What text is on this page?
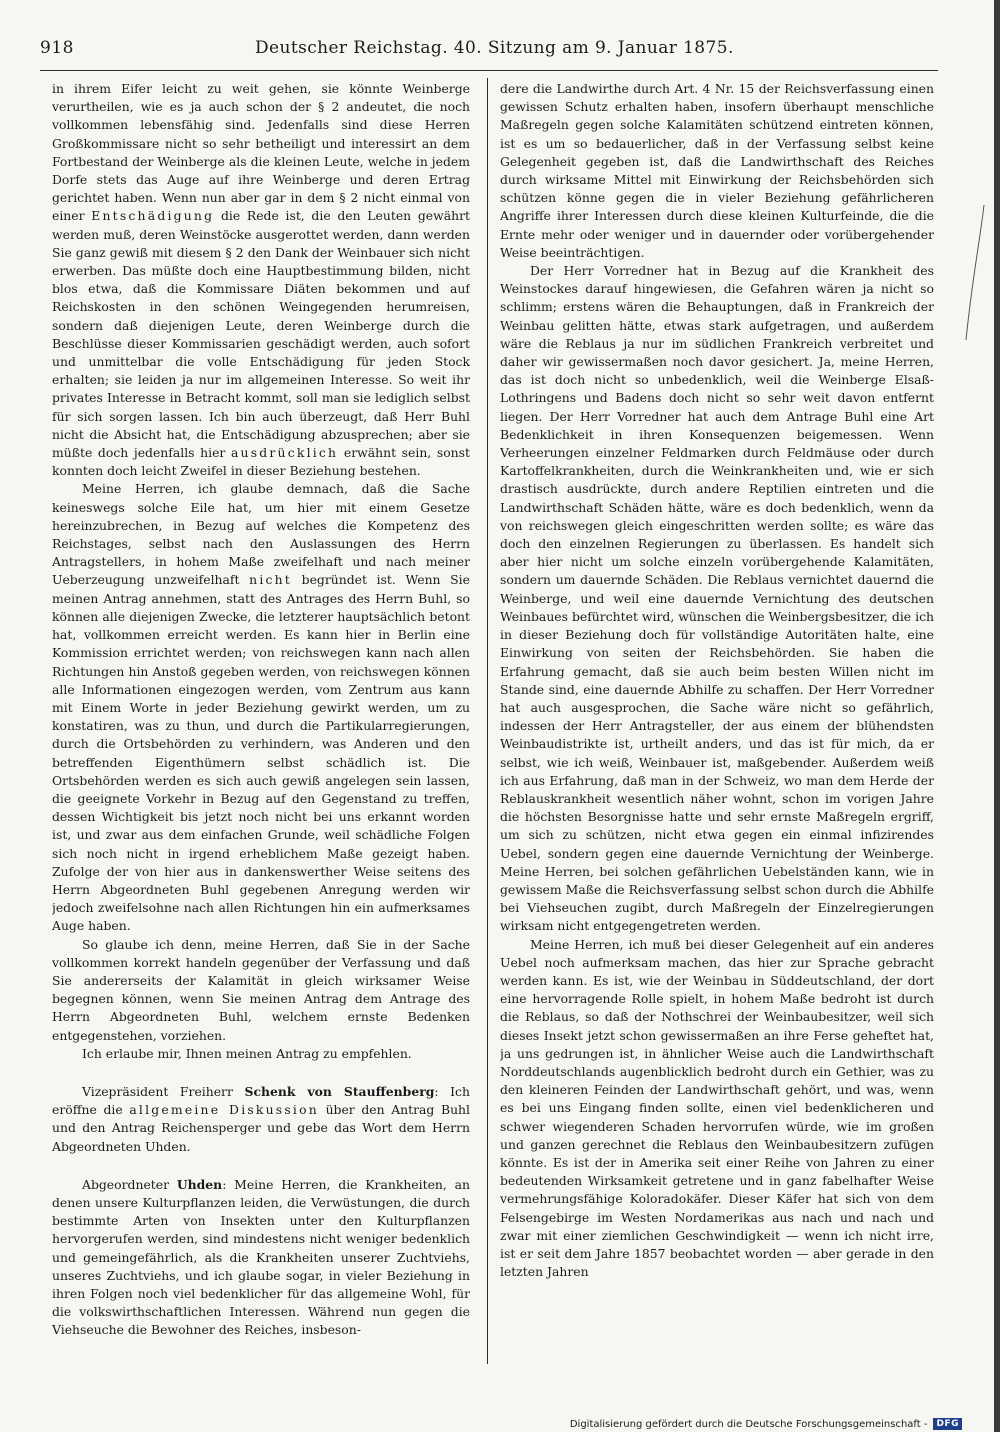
918	Deutscher Reichstag. 40. Sitzung am 9. Januar 1875.

in ihrem Eifer leicht zu weit gehen, sie könnte Weinberge verurtheilen, wie es ja auch schon der § 2 andeutet, die noch vollkommen lebensfähig sind. Jedenfalls sind diese Herren Großkommissare nicht so sehr betheiligt und interessirt an dem Fortbestand der Weinberge als die kleinen Leute, welche in jedem Dorfe stets das Auge auf ihre Weinberge und deren Ertrag gerichtet haben. Wenn nun aber gar in dem § 2 nicht einmal von einer Entschädigung die Rede ist, die den Leuten gewährt werden muß, deren Weinstöcke ausgerottet werden, dann werden Sie ganz gewiß mit diesem § 2 den Dank der Weinbauer sich nicht erwerben. Das müßte doch eine Hauptbestimmung bilden, nicht blos etwa, daß die Kommissare Diäten bekommen und auf Reichskosten in den schönen Weingegenden herumreisen, sondern daß diejenigen Leute, deren Weinberge durch die Beschlüsse dieser Kommissarien geschädigt werden, auch sofort und unmittelbar die volle Entschädigung für jeden Stock erhalten; sie leiden ja nur im allgemeinen Interesse. So weit ihr privates Interesse in Betracht kommt, soll man sie lediglich selbst für sich sorgen lassen. Ich bin auch überzeugt, daß Herr Buhl nicht die Absicht hat, die Entschädigung abzusprechen; aber sie müßte doch jedenfalls hier ausdrücklich erwähnt sein, sonst konnten doch leicht Zweifel in dieser Beziehung bestehen.

Meine Herren, ich glaube demnach, daß die Sache keineswegs solche Eile hat, um hier mit einem Gesetze hereinzubrechen, in Bezug auf welches die Kompetenz des Reichstages, selbst nach den Auslassungen des Herrn Antragstellers, in hohem Maße zweifelhaft und nach meiner Ueberzeugung unzweifelhaft nicht begründet ist. Wenn Sie meinen Antrag annehmen, statt des Antrages des Herrn Buhl, so können alle diejenigen Zwecke, die letzterer hauptsächlich betont hat, vollkommen erreicht werden. Es kann hier in Berlin eine Kommission errichtet werden; von reichswegen kann nach allen Richtungen hin Anstoß gegeben werden, von reichswegen können alle Informationen eingezogen werden, vom Zentrum aus kann mit Einem Worte in jeder Beziehung gewirkt werden, um zu konstatiren, was zu thun, und durch die Partikularregierungen, durch die Ortsbehörden zu verhindern, was Anderen und den betreffenden Eigenthümern selbst schädlich ist. Die Ortsbehörden werden es sich auch gewiß angelegen sein lassen, die geeignete Vorkehr in Bezug auf den Gegenstand zu treffen, dessen Wichtigkeit bis jetzt noch nicht bei uns erkannt worden ist, und zwar aus dem einfachen Grunde, weil schädliche Folgen sich noch nicht in irgend erheblichem Maße gezeigt haben. Zufolge der von hier aus in dankenswerther Weise seitens des Herrn Abgeordneten Buhl gegebenen Anregung werden wir jedoch zweifelsohne nach allen Richtungen hin ein aufmerksames Auge haben.

So glaube ich denn, meine Herren, daß Sie in der Sache vollkommen korrekt handeln gegenüber der Verfassung und daß Sie andererseits der Kalamität in gleich wirksamer Weise begegnen können, wenn Sie meinen Antrag dem Antrage des Herrn Abgeordneten Buhl, welchem ernste Bedenken entgegenstehen, vorziehen.

Ich erlaube mir, Ihnen meinen Antrag zu empfehlen.

Vizepräsident Freiherr Schenk von Stauffenberg: Ich eröffne die allgemeine Diskussion über den Antrag Buhl und den Antrag Reichensperger und gebe das Wort dem Herrn Abgeordneten Uhden.

Abgeordneter Uhden: Meine Herren, die Krankheiten, an denen unsere Kulturpflanzen leiden, die Verwüstungen, die durch bestimmte Arten von Insekten unter den Kulturpflanzen hervorgerufen werden, sind mindestens nicht weniger bedenklich und gemeingefährlich, als die Krankheiten unserer Zuchtviehs, unseres Zuchtviehs, und ich glaube sogar, in vieler Beziehung in ihren Folgen noch viel bedenklicher für das allgemeine Wohl, für die volkswirthschaftlichen Interessen. Während nun gegen die Viehseuche die Bewohner des Reiches, insbeson-

dere die Landwirthe durch Art. 4 Nr. 15 der Reichsverfassung einen gewissen Schutz erhalten haben, insofern überhaupt menschliche Maßregeln gegen solche Kalamitäten schützend eintreten können, ist es um so bedauerlicher, daß in der Verfassung selbst keine Gelegenheit gegeben ist, daß die Landwirthschaft des Reiches durch wirksame Mittel mit Einwirkung der Reichsbehörden sich schützen könne gegen die in vieler Beziehung gefährlicheren Angriffe ihrer Interessen durch diese kleinen Kulturfeinde, die die Ernte mehr oder weniger und in dauernder oder vorübergehender Weise beeinträchtigen.

Der Herr Vorredner hat in Bezug auf die Krankheit des Weinstockes darauf hingewiesen, die Gefahren wären ja nicht so schlimm; erstens wären die Behauptungen, daß in Frankreich der Weinbau gelitten hätte, etwas stark aufgetragen, und außerdem wäre die Reblaus ja nur im südlichen Frankreich verbreitet und daher wir gewissermaßen noch davor gesichert. Ja, meine Herren, das ist doch nicht so unbedenklich, weil die Weinberge Elsaß-Lothringens und Badens doch nicht so sehr weit davon entfernt liegen. Der Herr Vorredner hat auch dem Antrage Buhl eine Art Bedenklichkeit in ihren Konsequenzen beigemessen. Wenn Verheerungen einzelner Feldmarken durch Feldmäuse oder durch Kartoffelkrankheiten, durch die Weinkrankheiten und, wie er sich drastisch ausdrückte, durch andere Reptilien eintreten und die Landwirthschaft Schäden hätte, wäre es doch bedenklich, wenn da von reichswegen gleich eingeschritten werden sollte; es wäre das doch den einzelnen Regierungen zu überlassen. Es handelt sich aber hier nicht um solche einzeln vorübergehende Kalamitäten, sondern um dauernde Schäden. Die Reblaus vernichtet dauernd die Weinberge, und weil eine dauernde Vernichtung des deutschen Weinbaues befürchtet wird, wünschen die Weinbergsbesitzer, die ich in dieser Beziehung doch für vollständige Autoritäten halte, eine Einwirkung von seiten der Reichsbehörden. Sie haben die Erfahrung gemacht, daß sie auch beim besten Willen nicht im Stande sind, eine dauernde Abhilfe zu schaffen. Der Herr Vorredner hat auch ausgesprochen, die Sache wäre nicht so gefährlich, indessen der Herr Antragsteller, der aus einem der blühendsten Weinbaudistrikte ist, urtheilt anders, und das ist für mich, da er selbst, wie ich weiß, Weinbauer ist, maßgebender. Außerdem weiß ich aus Erfahrung, daß man in der Schweiz, wo man dem Herde der Reblauskrankheit wesentlich näher wohnt, schon im vorigen Jahre die höchsten Besorgnisse hatte und sehr ernste Maßregeln ergriff, um sich zu schützen, nicht etwa gegen ein einmal infizirendes Uebel, sondern gegen eine dauernde Vernichtung der Weinberge. Meine Herren, bei solchen gefährlichen Uebelständen kann, wie in gewissem Maße die Reichsverfassung selbst schon durch die Abhilfe bei Viehseuchen zugibt, durch Maßregeln der Einzelregierungen wirksam nicht entgegengetreten werden.

Meine Herren, ich muß bei dieser Gelegenheit auf ein anderes Uebel noch aufmerksam machen, das hier zur Sprache gebracht werden kann. Es ist, wie der Weinbau in Süddeutschland, der dort eine hervorragende Rolle spielt, in hohem Maße bedroht ist durch die Reblaus, so daß der Nothschrei der Weinbaubesitzer, weil sich dieses Insekt jetzt schon gewissermaßen an ihre Ferse geheftet hat, ja uns gedrungen ist, in ähnlicher Weise auch die Landwirthschaft Norddeutschlands augenblicklich bedroht durch ein Gethier, was zu den kleineren Feinden der Landwirthschaft gehört, und was, wenn es bei uns Eingang finden sollte, einen viel bedenklicheren und schwer wiegenderen Schaden hervorrufen würde, wie im großen und ganzen gerechnet die Reblaus den Weinbaubesitzern zufügen könnte. Es ist der in Amerika seit einer Reihe von Jahren zu einer bedeutenden Wirksamkeit getretene und in ganz fabelhafter Weise vermehrungsfähige Koloradokäfer. Dieser Käfer hat sich von dem Felsengebirge im Westen Nordamerikas aus nach und nach und zwar mit einer ziemlichen Geschwindigkeit — wenn ich nicht irre, ist er seit dem Jahre 1857 beobachtet worden — aber gerade in den letzten Jahren

Digitalisierung gefördert durch die Deutsche Forschungsgemeinschaft -	DFG
